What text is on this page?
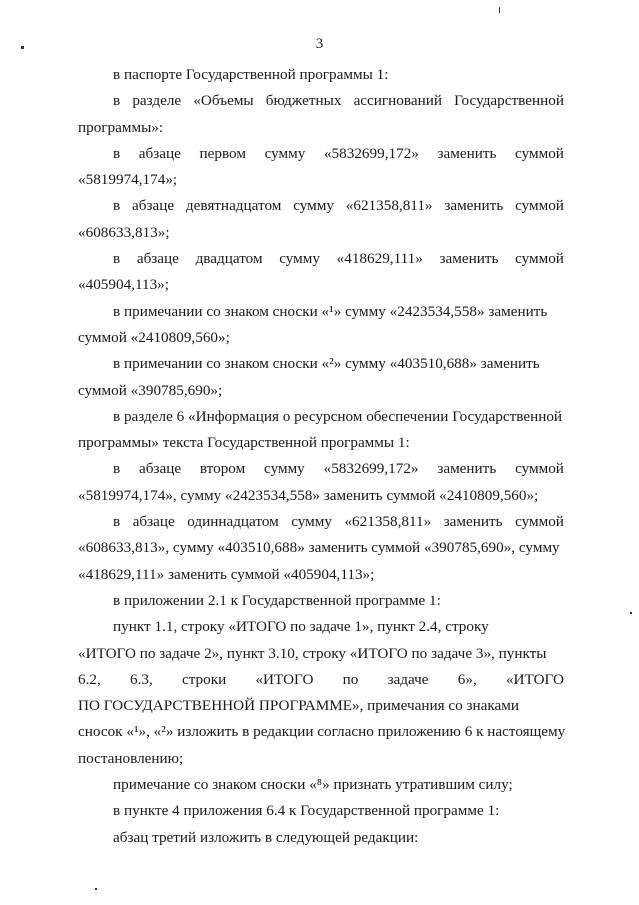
3
в паспорте Государственной программы 1:
в разделе «Объемы бюджетных ассигнований Государственной
программы»:
в абзаце первом сумму «5832699,172» заменить суммой
«5819974,174»;
в абзаце девятнадцатом сумму «621358,811» заменить суммой
«608633,813»;
в абзаце двадцатом сумму «418629,111» заменить суммой
«405904,113»;
в примечании со знаком сноски «¹» сумму «2423534,558» заменить
суммой «2410809,560»;
в примечании со знаком сноски «²» сумму «403510,688» заменить
суммой «390785,690»;
в разделе 6 «Информация о ресурсном обеспечении Государственной
программы» текста Государственной программы 1:
в абзаце втором сумму «5832699,172» заменить суммой
«5819974,174», сумму «2423534,558» заменить суммой «2410809,560»;
в абзаце одиннадцатом сумму «621358,811» заменить суммой
«608633,813», сумму «403510,688» заменить суммой «390785,690», сумму
«418629,111» заменить суммой «405904,113»;
в приложении 2.1 к Государственной программе 1:
пункт 1.1, строку «ИТОГО по задаче 1», пункт 2.4, строку
«ИТОГО по задаче 2», пункт 3.10, строку «ИТОГО по задаче 3», пункты
6.2, 6.3, строки «ИТОГО по задаче 6», «ИТОГО
ПО ГОСУДАРСТВЕННОЙ ПРОГРАММЕ», примечания со знаками
сносок «¹», «²» изложить в редакции согласно приложению 6 к настоящему
постановлению;
примечание со знаком сноски «⁸» признать утратившим силу;
в пункте 4 приложения 6.4 к Государственной программе 1:
абзац третий изложить в следующей редакции:
